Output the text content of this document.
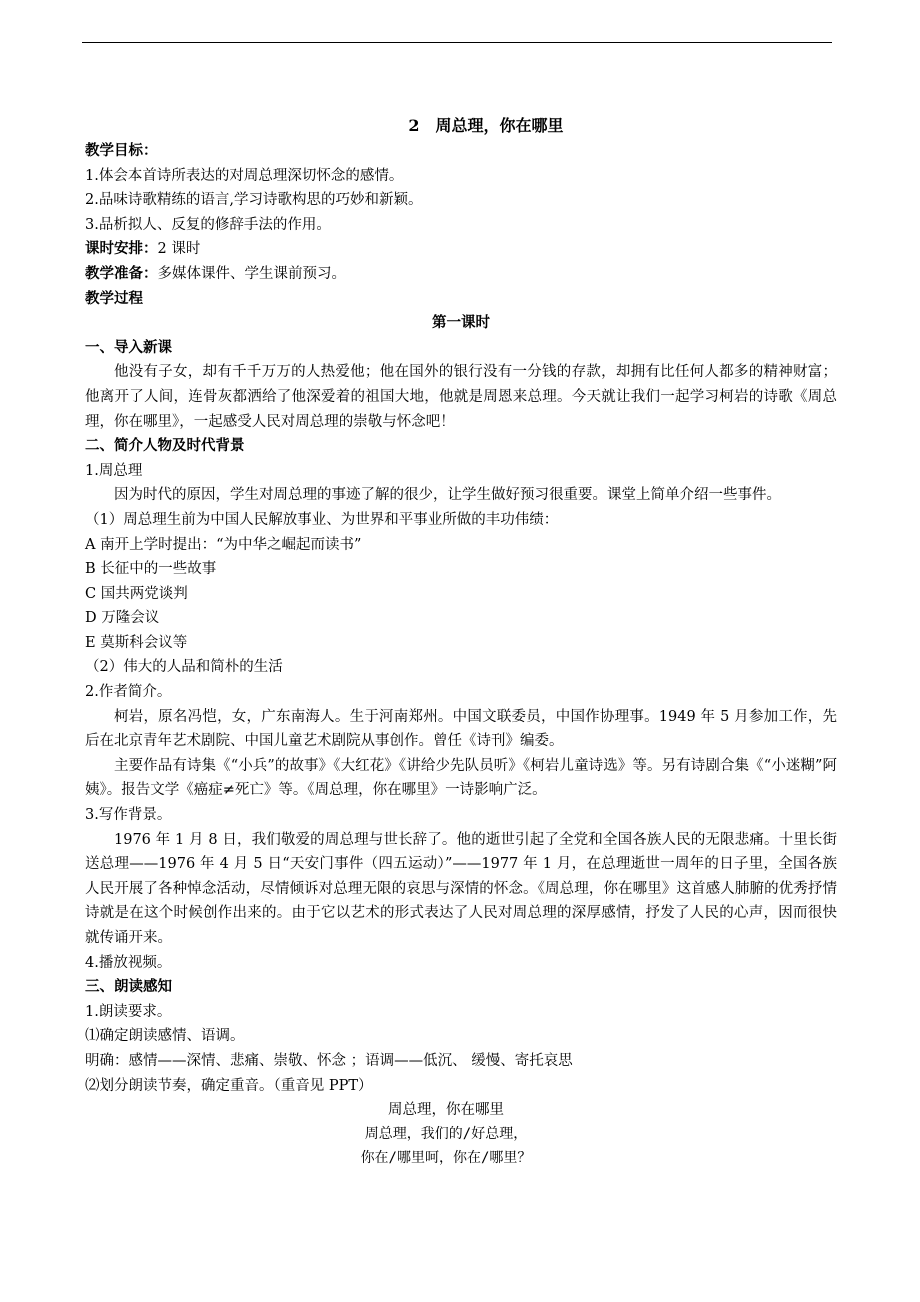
2　周总理，你在哪里
教学目标：
1.体会本首诗所表达的对周总理深切怀念的感情。
2.品味诗歌精练的语言,学习诗歌构思的巧妙和新颖。
3.品析拟人、反复的修辞手法的作用。
课时安排：2 课时
教学准备：多媒体课件、学生课前预习。
教学过程
第一课时
一、导入新课
他没有子女，却有千千万万的人热爱他；他在国外的银行没有一分钱的存款，却拥有比任何人都多的精神财富；他离开了人间，连骨灰都洒给了他深爱着的祖国大地，他就是周恩来总理。今天就让我们一起学习柯岩的诗歌《周总理，你在哪里》，一起感受人民对周总理的崇敬与怀念吧！
二、简介人物及时代背景
1.周总理
因为时代的原因，学生对周总理的事迹了解的很少，让学生做好预习很重要。课堂上简单介绍一些事件。
（1）周总理生前为中国人民解放事业、为世界和平事业所做的丰功伟绩：
A 南开上学时提出：“为中华之崛起而读书”
B 长征中的一些故事
C 国共两党谈判
D 万隆会议
E 莫斯科会议等
（2）伟大的人品和简朴的生活
2.作者简介。
柯岩，原名冯恺，女，广东南海人。生于河南郑州。中国文联委员，中国作协理事。1949 年 5 月参加工作，先后在北京青年艺术剧院、中国儿童艺术剧院从事创作。曾任《诗刊》编委。
主要作品有诗集《“小兵”的故事》《大红花》《讲给少先队员听》《柯岩儿童诗选》等。另有诗剧合集《“小迷糊”阿姨》。报告文学《癌症≠死亡》等。《周总理，你在哪里》一诗影响广泛。
3.写作背景。
1976 年 1 月 8 日，我们敬爱的周总理与世长辞了。他的逝世引起了全党和全国各族人民的无限悲痛。十里长街送总理——1976 年 4 月 5 日“天安门事件（四五运动）”——1977 年 1 月，在总理逝世一周年的日子里，全国各族人民开展了各种悼念活动，尽情倾诉对总理无限的哀思与深情的怀念。《周总理，你在哪里》这首感人肺腑的优秀抒情诗就是在这个时候创作出来的。由于它以艺术的形式表达了人民对周总理的深厚感情，抒发了人民的心声，因而很快就传诵开来。
4.播放视频。
三、朗读感知
1.朗读要求。
⑴确定朗读感情、语调。
明确：感情——深情、悲痛、崇敬、怀念 ；语调——低沉、 缓慢、寄托哀思
⑵划分朗读节奏，确定重音。（重音见 PPT）
周总理，你在哪里
周总理，我们的/好总理，
你在/哪里呵，你在/哪里？
